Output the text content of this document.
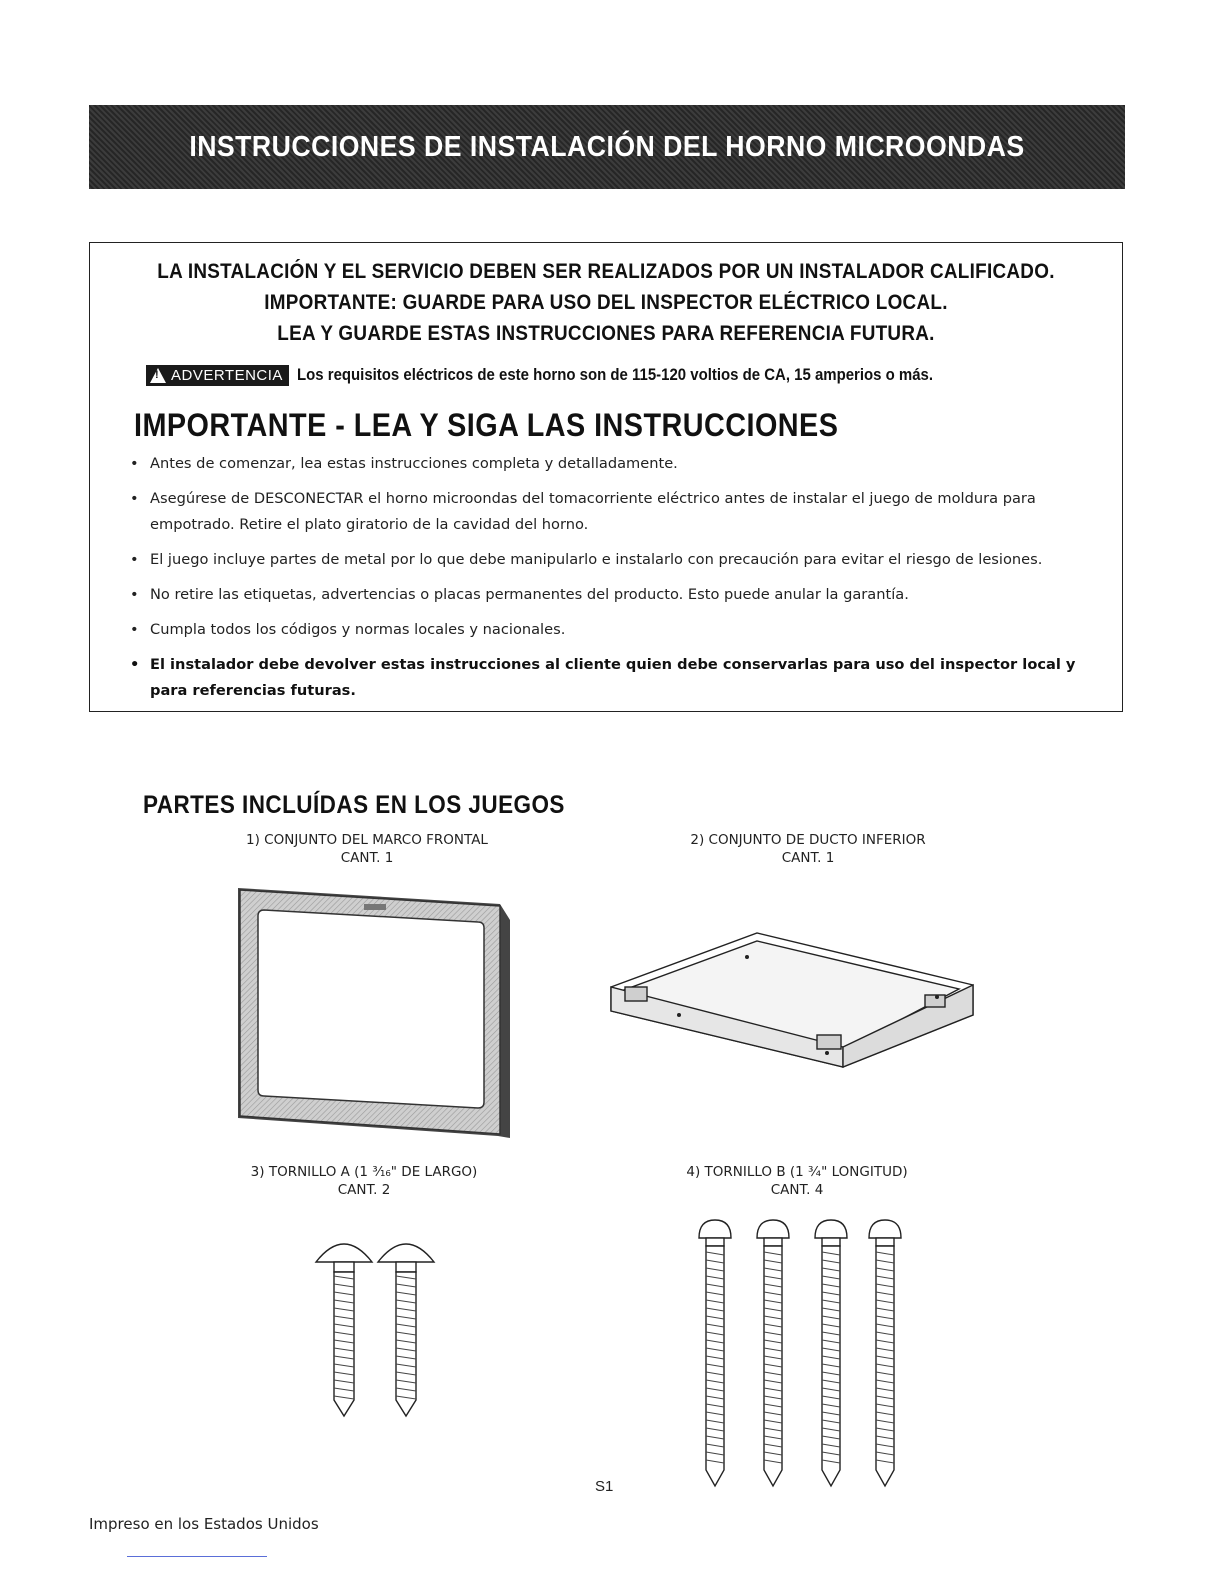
INSTRUCCIONES DE INSTALACIÓN DEL HORNO MICROONDAS
LA INSTALACIÓN Y EL SERVICIO DEBEN SER REALIZADOS POR UN INSTALADOR CALIFICADO.
IMPORTANTE: GUARDE PARA USO DEL INSPECTOR ELÉCTRICO LOCAL.
LEA Y GUARDE ESTAS INSTRUCCIONES PARA REFERENCIA FUTURA.
!
ADVERTENCIA Los requisitos eléctricos de este horno son de 115-120 voltios de CA, 15 amperios o más.
IMPORTANTE - LEA Y SIGA LAS INSTRUCCIONES
• Antes de comenzar, lea estas instrucciones completa y detalladamente.
• Asegúrese de DESCONECTAR el horno microondas del tomacorriente eléctrico antes de instalar el juego de moldura para empotrado. Retire el plato giratorio de la cavidad del horno.
• El juego incluye partes de metal por lo que debe manipularlo e instalarlo con precaución para evitar el riesgo de lesiones.
• No retire las etiquetas, advertencias o placas permanentes del producto. Esto puede anular la garantía.
• Cumpla todos los códigos y normas locales y nacionales.
• El instalador debe devolver estas instrucciones al cliente quien debe conservarlas para uso del inspector local y para referencias futuras.
PARTES INCLUÍDAS EN LOS JUEGOS
1) CONJUNTO DEL MARCO FRONTAL
CANT. 1
2) CONJUNTO DE DUCTO INFERIOR
CANT. 1
3) TORNILLO A (1 ³⁄₁₆" DE LARGO)
CANT. 2
4) TORNILLO B (1 ¾" LONGITUD)
CANT. 4
S1
Impreso en los Estados Unidos
